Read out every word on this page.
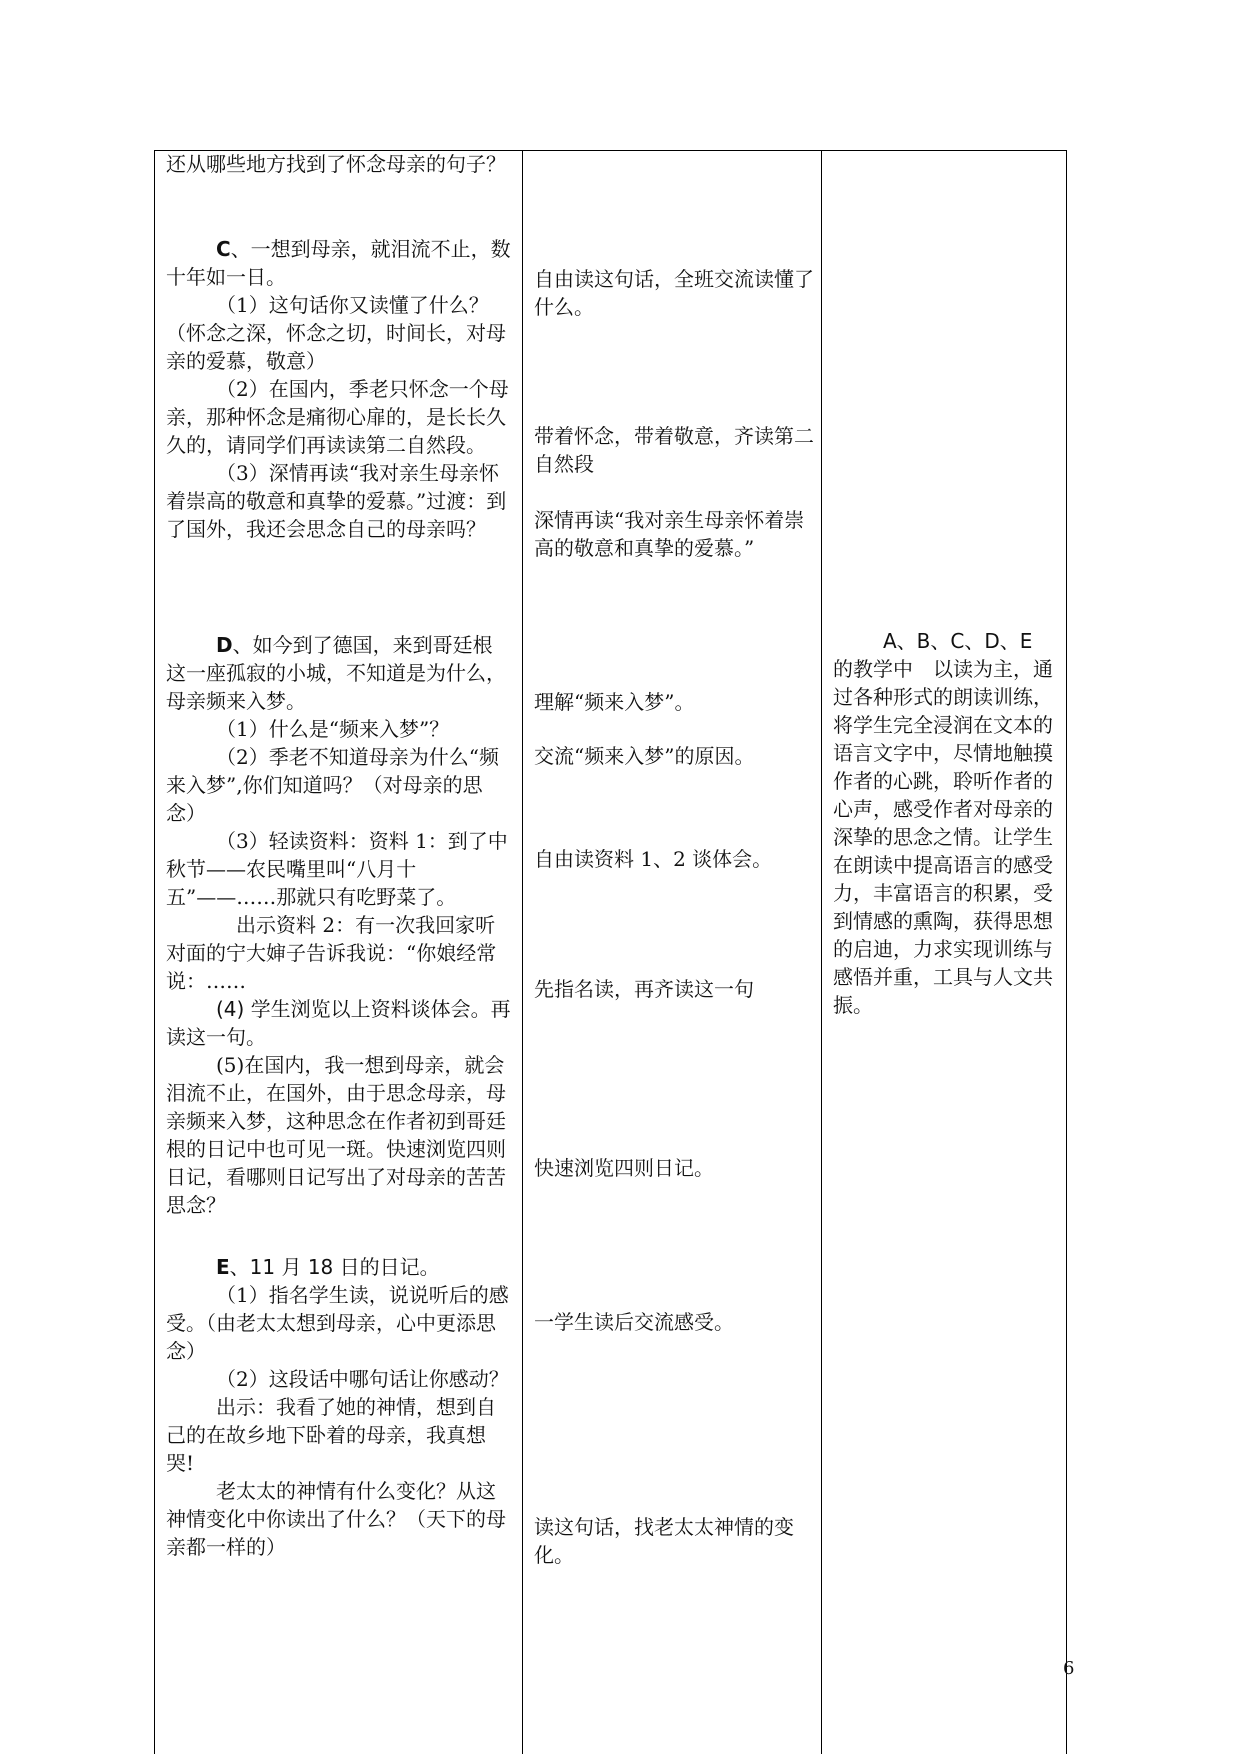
还从哪些地方找到了怀念母亲的句子？

C、一想到母亲，就泪流不止，数十年如一日。

（1）这句话你又读懂了什么？（怀念之深，怀念之切，时间长，对母亲的爱慕，敬意）

（2）在国内，季老只怀念一个母亲，那种怀念是痛彻心扉的，是长长久久的，请同学们再读读第二自然段。

（3）深情再读“我对亲生母亲怀着崇高的敬意和真挚的爱慕。”过渡：到了国外，我还会思念自己的母亲吗？

D、如今到了德国，来到哥廷根这一座孤寂的小城，不知道是为什么，母亲频来入梦。

（1）什么是“频来入梦”？

（2）季老不知道母亲为什么“频来入梦”,你们知道吗？（对母亲的思念）

（3）轻读资料：资料 1：到了中秋节——农民嘴里叫“八月十五”——……那就只有吃野菜了。

出示资料 2：有一次我回家听对面的宁大婶子告诉我说：“你娘经常说：……

(4) 学生浏览以上资料谈体会。再读这一句。

(5)在国内，我一想到母亲，就会泪流不止，在国外，由于思念母亲，母亲频来入梦，这种思念在作者初到哥廷根的日记中也可见一斑。快速浏览四则日记，看哪则日记写出了对母亲的苦苦思念？

E、11 月 18 日的日记。

（1）指名学生读，说说听后的感受。（由老太太想到母亲，心中更添思念）

（2）这段话中哪句话让你感动？

出示：我看了她的神情，想到自己的在故乡地下卧着的母亲，我真想哭!

老太太的神情有什么变化？从这神情变化中你读出了什么？（天下的母亲都一样的）

自由读这句话，全班交流读懂了什么。
带着怀念，带着敬意，齐读第二自然段
深情再读“我对亲生母亲怀着崇高的敬意和真挚的爱慕。”
理解“频来入梦”。
交流“频来入梦”的原因。
自由读资料 1、2 谈体会。
先指名读，再齐读这一句
快速浏览四则日记。
一学生读后交流感受。
读这句话，找老太太神情的变化。

A、B、C、D、E

的教学中　以读为主，通过各种形式的朗读训练，将学生完全浸润在文本的语言文字中，尽情地触摸作者的心跳，聆听作者的心声，感受作者对母亲的深挚的思念之情。让学生在朗读中提高语言的感受力，丰富语言的积累，受到情感的熏陶，获得思想的启迪，力求实现训练与感悟并重，工具与人文共振。

6
